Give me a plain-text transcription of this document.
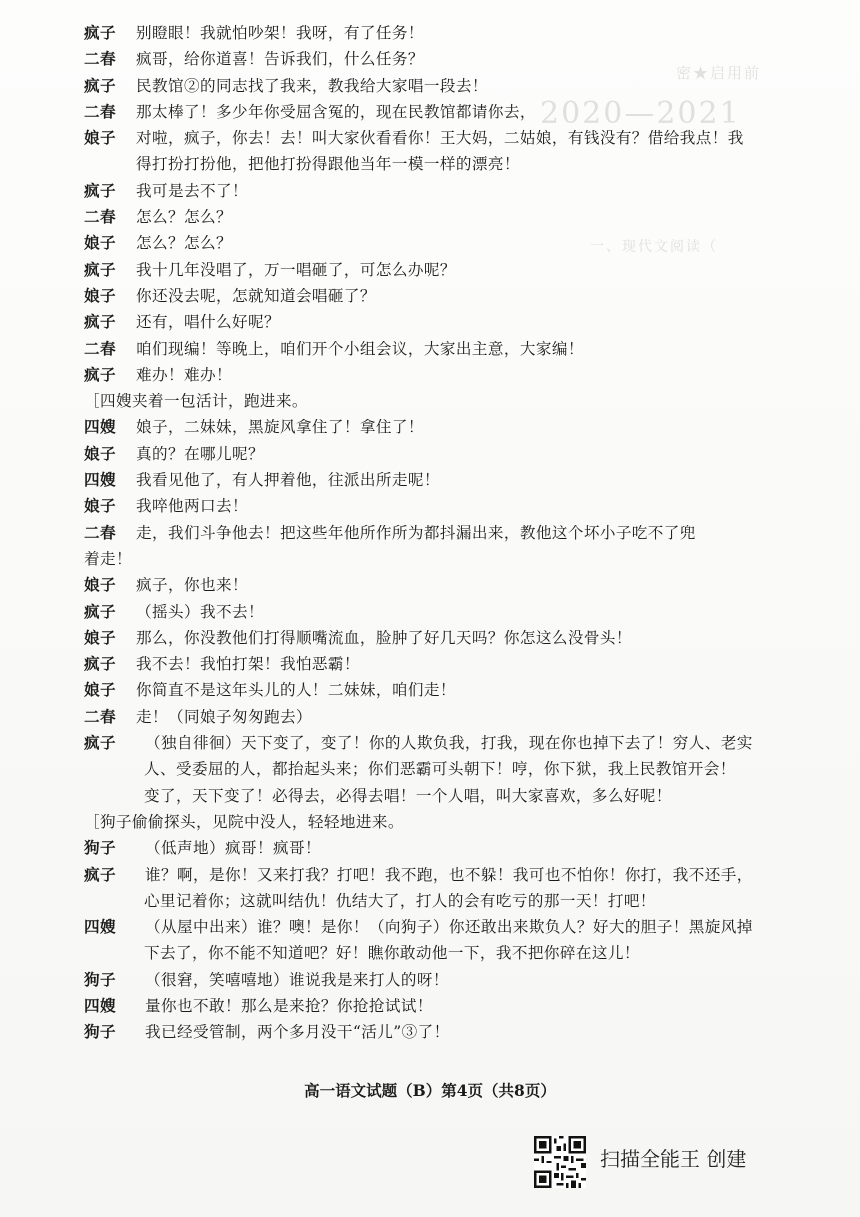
密★启用前
2020—2021
一、现代文阅读（
疯子 别瞪眼！我就怕吵架！我呀，有了任务！
二春 疯哥，给你道喜！告诉我们，什么任务？
疯子 民教馆②的同志找了我来，教我给大家唱一段去！
二春 那太棒了！多少年你受屈含冤的，现在民教馆都请你去，
娘子 对啦，疯子，你去！去！叫大家伙看看你！王大妈，二姑娘，有钱没有？借给我点！我
得打扮打扮他，把他打扮得跟他当年一模一样的漂亮！
疯子 我可是去不了！
二春 怎么？怎么？
娘子 怎么？怎么？
疯子 我十几年没唱了，万一唱砸了，可怎么办呢？
娘子 你还没去呢，怎就知道会唱砸了？
疯子 还有，唱什么好呢？
二春 咱们现编！等晚上，咱们开个小组会议，大家出主意，大家编！
疯子 难办！难办！
［四嫂夹着一包活计，跑进来。
四嫂 娘子，二妹妹，黑旋风拿住了！拿住了！
娘子 真的？在哪儿呢？
四嫂 我看见他了，有人押着他，往派出所走呢！
娘子 我啐他两口去！
二春 走，我们斗争他去！把这些年他所作所为都抖漏出来，教他这个坏小子吃不了兜
着走！
娘子 疯子，你也来！
疯子 （摇头）我不去！
娘子 那么，你没教他们打得顺嘴流血，脸肿了好几天吗？你怎这么没骨头！
疯子 我不去！我怕打架！我怕恶霸！
娘子 你简直不是这年头儿的人！二妹妹，咱们走！
二春 走！（同娘子匆匆跑去）
疯子 （独自徘徊）天下变了，变了！你的人欺负我，打我，现在你也掉下去了！穷人、老实
人、受委屈的人，都抬起头来；你们恶霸可头朝下！哼，你下狱，我上民教馆开会！
变了，天下变了！必得去，必得去唱！一个人唱，叫大家喜欢，多么好呢！
［狗子偷偷探头，见院中没人，轻轻地进来。
狗子 （低声地）疯哥！疯哥！
疯子 谁？啊，是你！又来打我？打吧！我不跑，也不躲！我可也不怕你！你打，我不还手，
心里记着你；这就叫结仇！仇结大了，打人的会有吃亏的那一天！打吧！
四嫂 （从屋中出来）谁？噢！是你！（向狗子）你还敢出来欺负人？好大的胆子！黑旋风掉
下去了，你不能不知道吧？好！瞧你敢动他一下，我不把你碎在这儿！
狗子 （很窘，笑嘻嘻地）谁说我是来打人的呀！
四嫂 量你也不敢！那么是来抢？你抢抢试试！
狗子 我已经受管制，两个多月没干“活儿”③了！
高一语文试题（B）第4页（共8页）
扫描全能王 创建
